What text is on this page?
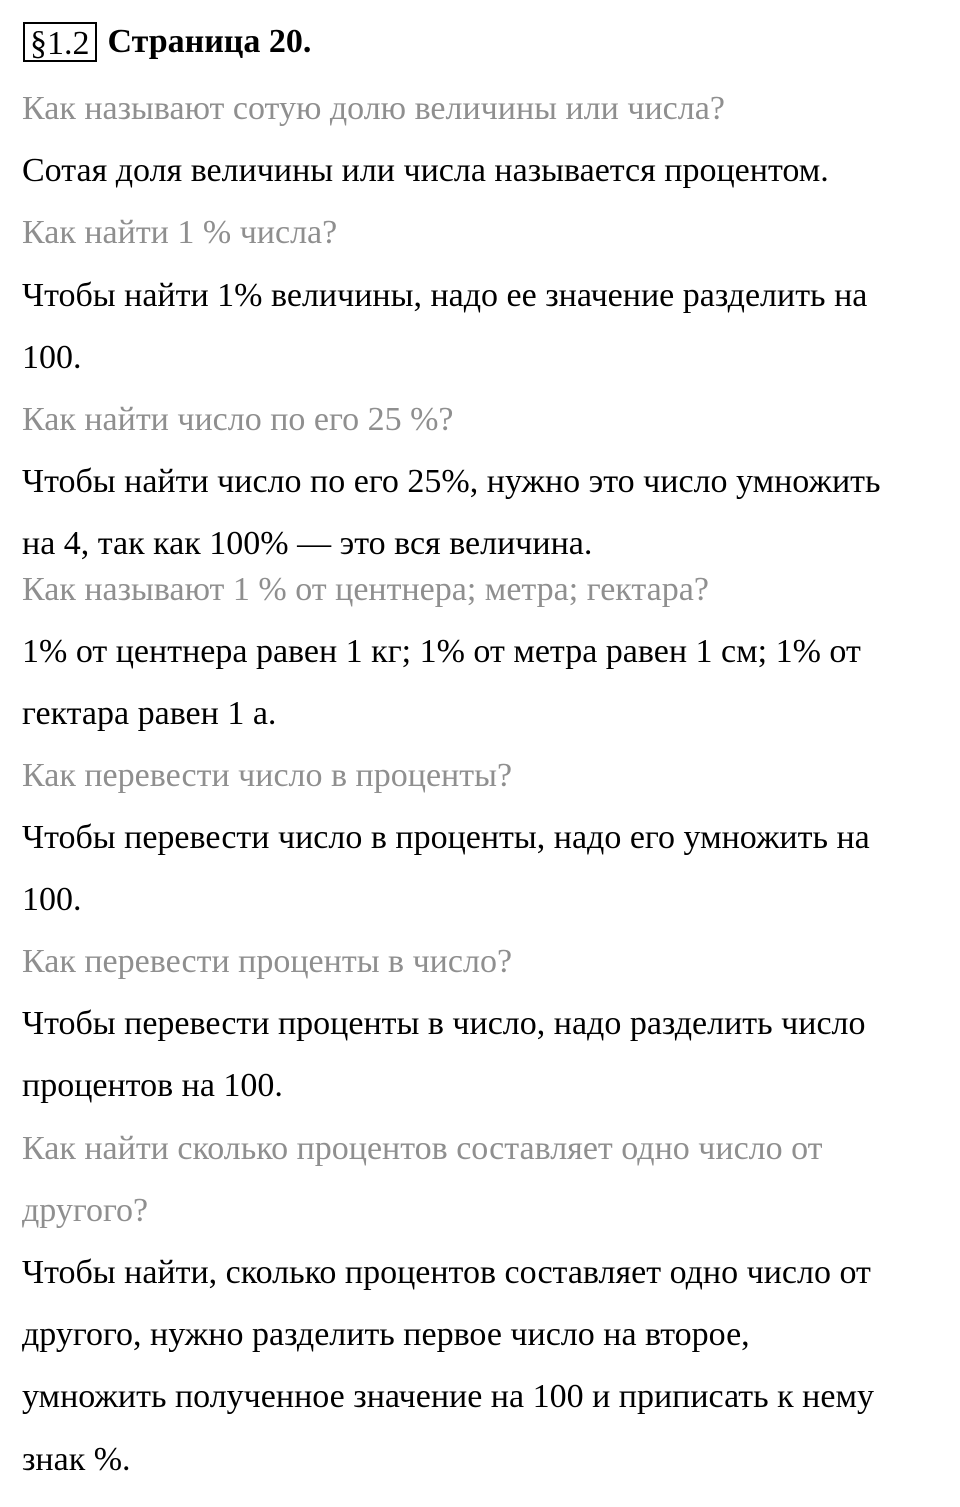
§1.2 Страница 20.
Как называют сотую долю величины или числа?
Сотая доля величины или числа называется процентом.
Как найти 1 % числа?
Чтобы найти 1% величины, надо ее значение разделить на
100.
Как найти число по его 25 %?
Чтобы найти число по его 25%, нужно это число умножить
на 4, так как 100% — это вся величина.
Как называют 1 % от центнера; метра; гектара?
1% от центнера равен 1 кг; 1% от метра равен 1 см; 1% от
гектара равен 1 а.
Как перевести число в проценты?
Чтобы перевести число в проценты, надо его умножить на
100.
Как перевести проценты в число?
Чтобы перевести проценты в число, надо разделить число
процентов на 100.
Как найти сколько процентов составляет одно число от
другого?
Чтобы найти, сколько процентов составляет одно число от
другого, нужно разделить первое число на второе,
умножить полученное значение на 100 и приписать к нему
знак %.
